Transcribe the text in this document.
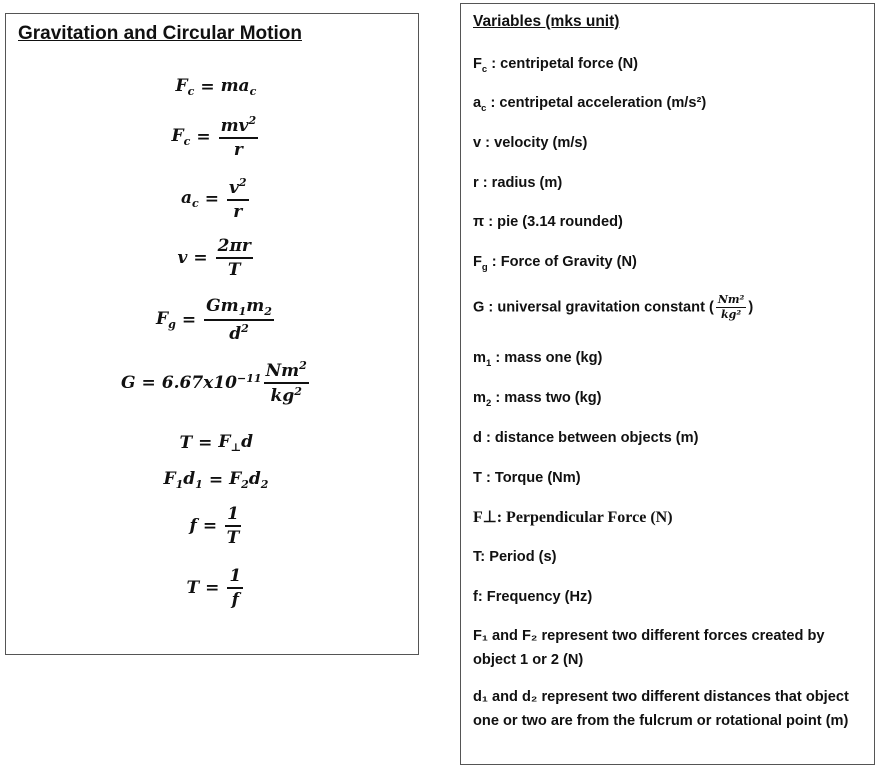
Gravitation and Circular Motion
$F_c = ma_c$
$F_c = \frac{mv^2}{r}$
$a_c = \frac{v^2}{r}$
$v = \frac{2\pi r}{T}$
$F_g = \frac{Gm_1m_2}{d^2}$
$G = 6.67x10^{-11} \frac{Nm^2}{kg^2}$
$T = F_\perp d$
$F_1d_1 = F_2d_2$
$f = \frac{1}{T}$
$T = \frac{1}{f}$
Variables (mks unit)
$F_c$ : centripetal force (N)
$a_c$ : centripetal acceleration (m/s²)
v : velocity (m/s)
r : radius (m)
π : pie (3.14 rounded)
$F_g$ : Force of Gravity (N)
G : universal gravitation constant ( $\frac{\text{Nm²}}{\text{kg²}}$ )
$m_1$ : mass one (kg)
$m_2$ : mass two (kg)
d : distance between objects (m)
T : Torque (Nm)
F⊥: Perpendicular Force (N)
T: Period (s)
f: Frequency (Hz)
F₁ and F₂ represent two different forces created by object 1 or 2 (N)
d₁ and d₂ represent two different distances that object one or two are from the fulcrum or rotational point (m)
